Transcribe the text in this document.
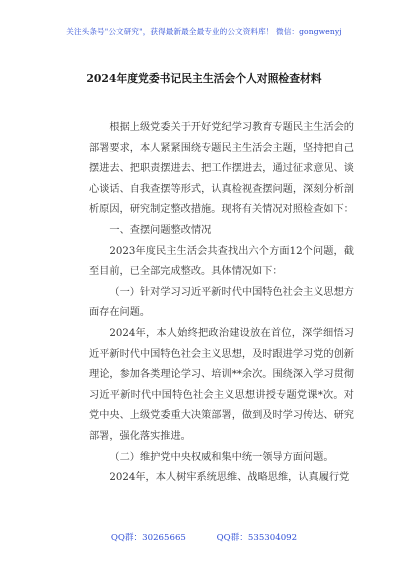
关注头条号"公文研究"，获得最新最全最专业的公文资料库！ 微信：gongwenyj
2024年度党委书记民主生活会个人对照检查材料

根据上级党委关于开好党纪学习教育专题民主生活会的部署要求，本人紧紧围绕专题民主生活会主题，坚持把自己摆进去、把职责摆进去、把工作摆进去，通过征求意见、谈心谈话、自我查摆等形式，认真检视查摆问题，深刻分析剖析原因，研究制定整改措施。现将有关情况对照检查如下：

一、查摆问题整改情况

2023年度民主生活会共查找出六个方面12个问题，截至目前，已全部完成整改。具体情况如下：

（一）针对学习习近平新时代中国特色社会主义思想方面存在问题。

2024年，本人始终把政治建设放在首位，深学细悟习近平新时代中国特色社会主义思想，及时跟进学习党的创新理论，参加各类理论学习、培训**余次。围绕深入学习贯彻习近平新时代中国特色社会主义思想讲授专题党课*次。对党中央、上级党委重大决策部署，做到及时学习传达、研究部署，强化落实推进。

（二）维护党中央权威和集中统一领导方面问题。

2024年，本人树牢系统思维、战略思维，认真履行党

QQ群：30265665	QQ群：535304092
